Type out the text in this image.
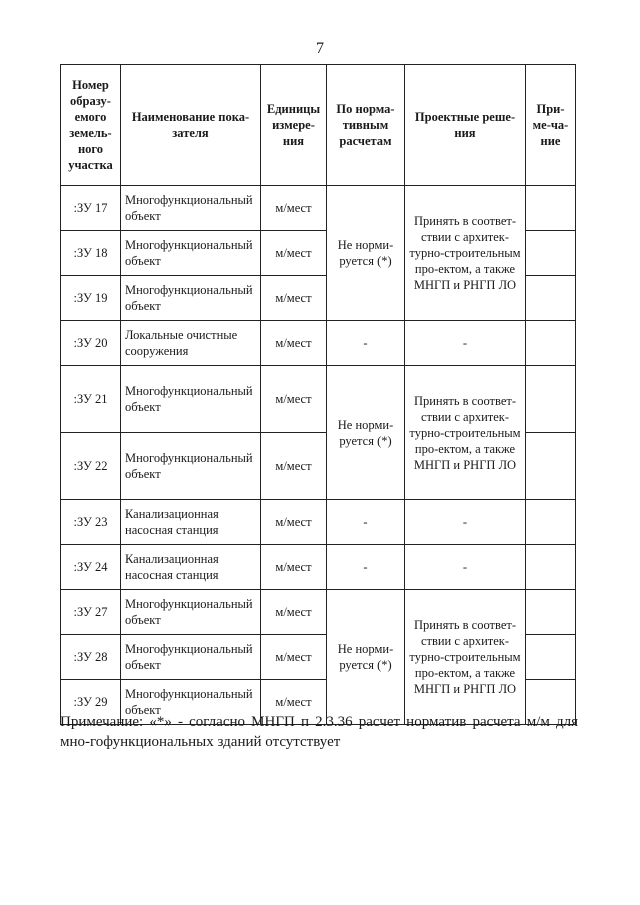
7
Номер образу-емого земель-ного участка	Наименование пока-зателя	Единицы измере-ния	По норма-тивным расчетам	Проектные реше-ния	При-ме-ча-ние
:ЗУ 17	Многофункциональный объект	м/мест	Не норми-руется (*)	Принять в соответ-ствии с архитек-турно-строительным про-ектом, а также МНГП и РНГП ЛО	
:ЗУ 18	Многофункциональный объект	м/мест			
:ЗУ 19	Многофункциональный объект	м/мест			
:ЗУ 20	Локальные очистные сооружения	м/мест	-	-	
:ЗУ 21	Многофункциональный объект	м/мест	Не норми-руется (*)	Принять в соответ-ствии с архитек-турно-строительным про-ектом, а также МНГП и РНГП ЛО	
:ЗУ 22	Многофункциональный объект	м/мест			
:ЗУ 23	Канализационная насосная станция	м/мест	-	-	
:ЗУ 24	Канализационная насосная станция	м/мест	-	-	
:ЗУ 27	Многофункциональный объект	м/мест	Не норми-руется (*)	Принять в соответ-ствии с архитек-турно-строительным про-ектом, а также МНГП и РНГП ЛО	
:ЗУ 28	Многофункциональный объект	м/мест			
:ЗУ 29	Многофункциональный объект	м/мест			
Примечание: «*» - согласно МНГП п 2.3.36 расчет норматив расчета м/м для мно-гофункциональных зданий отсутствует
